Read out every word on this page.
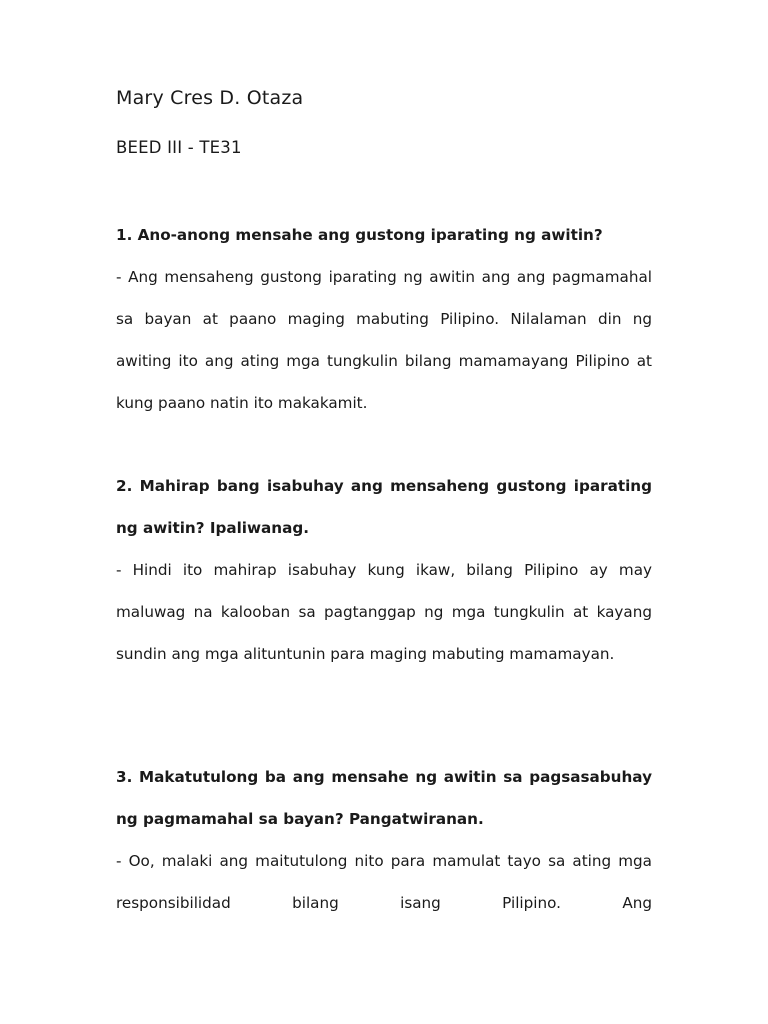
Mary Cres D. Otaza
BEED III - TE31

1. Ano-anong mensahe ang gustong iparating ng awitin?

- Ang mensaheng gustong iparating ng awitin ang ang pagmamahal sa bayan at paano maging mabuting Pilipino. Nilalaman din ng awiting ito ang ating mga tungkulin bilang mamamayang Pilipino at kung paano natin ito makakamit.

2. Mahirap bang isabuhay ang mensaheng gustong iparating ng awitin? Ipaliwanag.

- Hindi ito mahirap isabuhay kung ikaw, bilang Pilipino ay may maluwag na kalooban sa pagtanggap ng mga tungkulin at kayang sundin ang mga alituntunin para maging mabuting mamamayan.

3. Makatutulong ba ang mensahe ng awitin sa pagsasabuhay ng pagmamahal sa bayan? Pangatwiranan.

- Oo, malaki ang maitutulong nito para mamulat tayo sa ating mga responsibilidad bilang isang Pilipino. Ang
